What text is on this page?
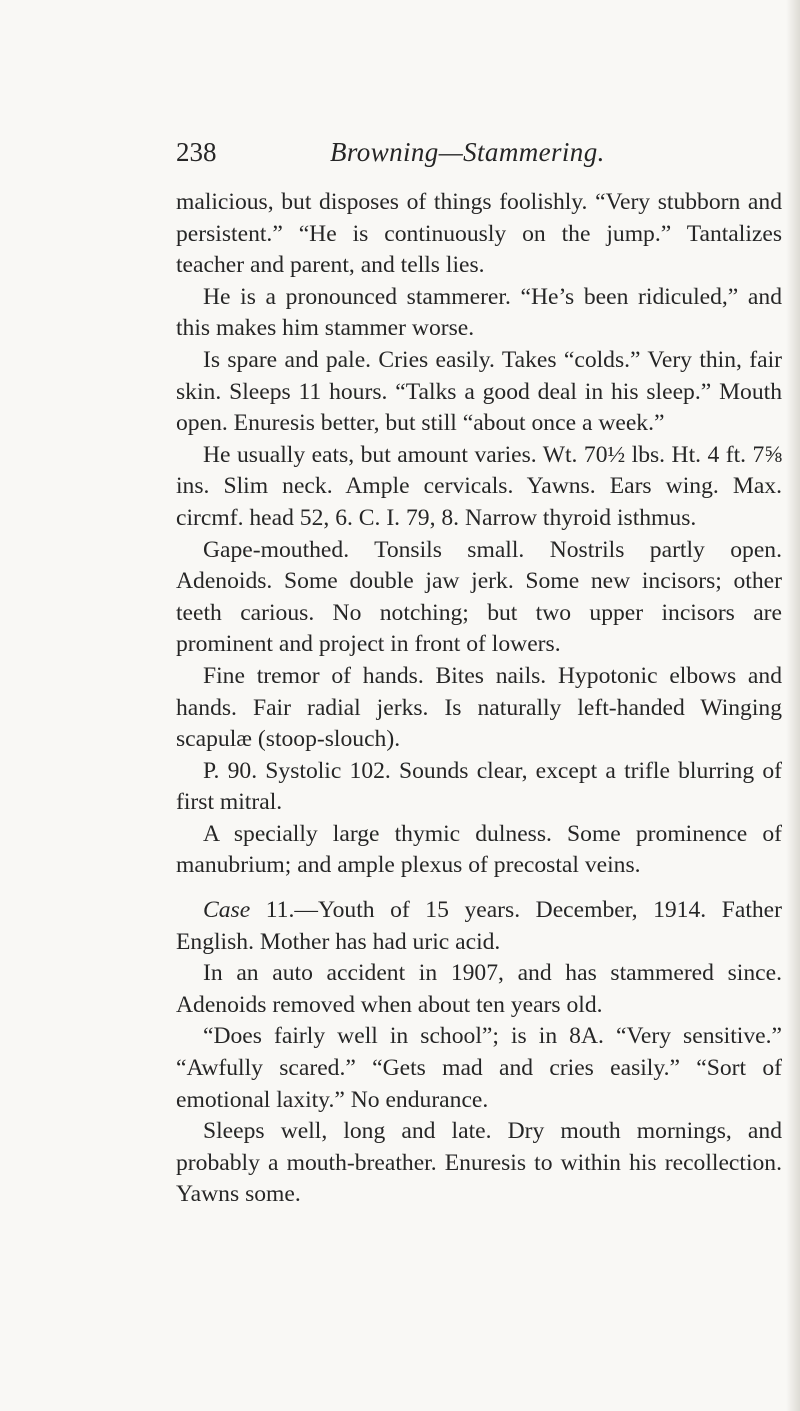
238	Browning—Stammering.

malicious, but disposes of things foolishly. “Very stubborn and persistent.” “He is continuously on the jump.” Tantalizes teacher and parent, and tells lies.

He is a pronounced stammerer. “He’s been ridiculed,” and this makes him stammer worse.

Is spare and pale. Cries easily. Takes “colds.” Very thin, fair skin. Sleeps 11 hours. “Talks a good deal in his sleep.” Mouth open. Enuresis better, but still “about once a week.”

He usually eats, but amount varies. Wt. 70½ lbs. Ht. 4 ft. 7⅝ ins. Slim neck. Ample cervicals. Yawns. Ears wing. Max. circmf. head 52, 6. C. I. 79, 8. Narrow thyroid isthmus.

Gape-mouthed. Tonsils small. Nostrils partly open. Adenoids. Some double jaw jerk. Some new incisors; other teeth carious. No notching; but two upper incisors are prominent and project in front of lowers.

Fine tremor of hands. Bites nails. Hypotonic elbows and hands. Fair radial jerks. Is naturally left-handed Winging scapulæ (stoop-slouch).

P. 90. Systolic 102. Sounds clear, except a trifle blurring of first mitral.

A specially large thymic dulness. Some prominence of manubrium; and ample plexus of precostal veins.

Case 11.—Youth of 15 years. December, 1914. Father English. Mother has had uric acid.

In an auto accident in 1907, and has stammered since. Adenoids removed when about ten years old.

“Does fairly well in school”; is in 8A. “Very sensitive.” “Awfully scared.” “Gets mad and cries easily.” “Sort of emotional laxity.” No endurance.

Sleeps well, long and late. Dry mouth mornings, and probably a mouth-breather. Enuresis to within his recollection. Yawns some.
